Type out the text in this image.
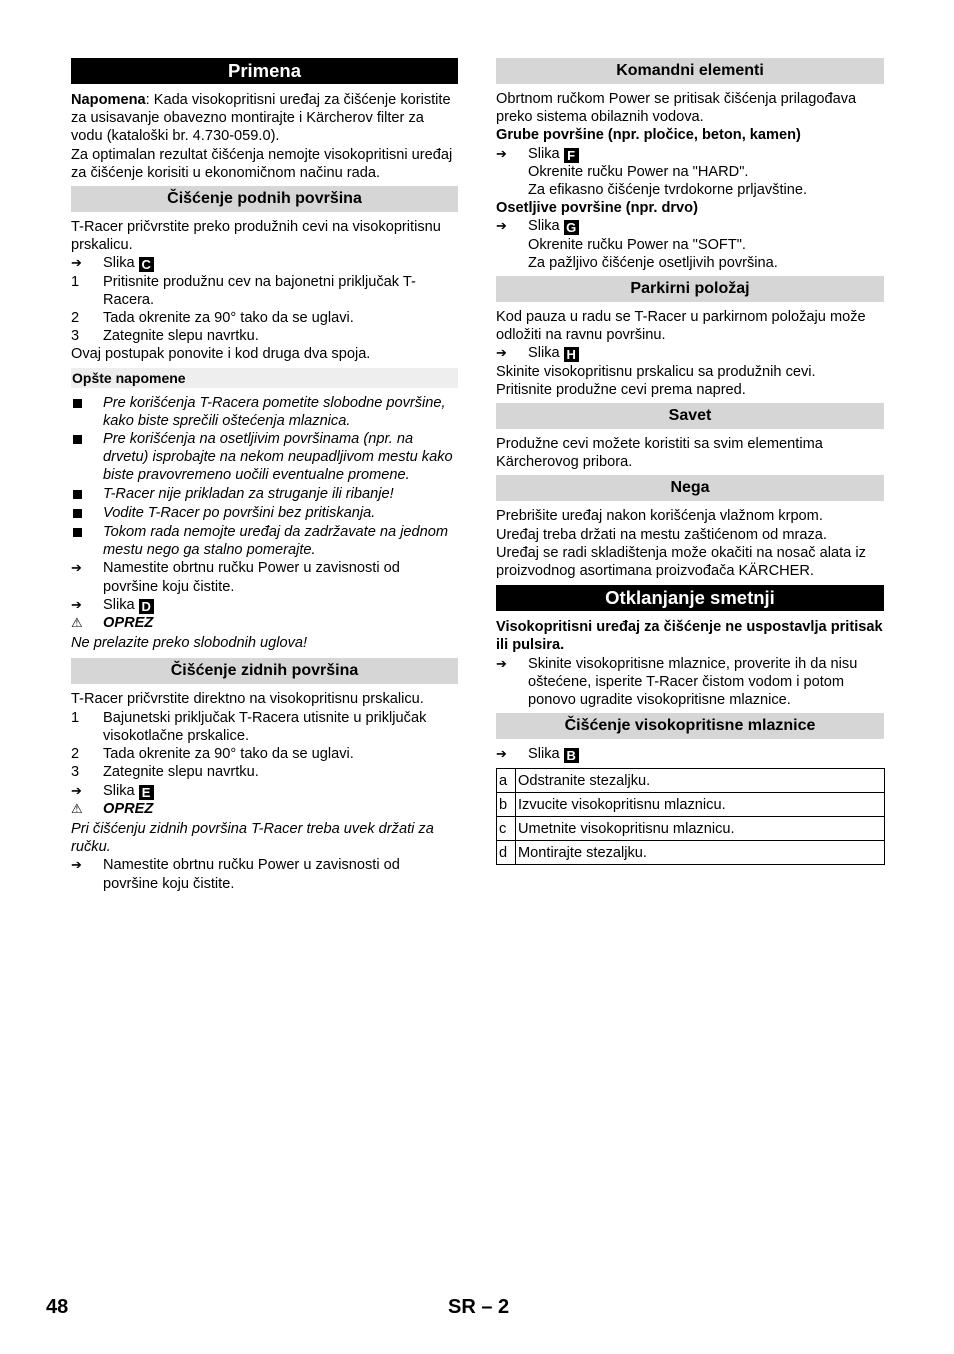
Primena

Napomena: Kada visokopritisni uređaj za čišćenje koristite za usisavanje obavezno montirajte i Kärcherov filter za vodu (kataloški br. 4.730-059.0).

Za optimalan rezultat čišćenja nemojte visokopritisni uređaj za čišćenje korisiti u ekonomičnom načinu rada.

Čišćenje podnih površina

T-Racer pričvrstite preko produžnih cevi na visokopritisnu prskalicu.

➔
Slika C
1	Pritisnite produžnu cev na bajonetni priključak T-Racera.
2	Tada okrenite za 90° tako da se uglavi.
3	Zategnite slepu navrtku.

Ovaj postupak ponovite i kod druga dva spoja.

Opšte napomene
Pre korišćenja T-Racera pometite slobodne površine, kako biste sprečili oštećenja mlaznica.
Pre korišćenja na osetljivim površinama (npr. na drvetu) isprobajte na nekom neupadljivom mestu kako biste pravovremeno uočili eventualne promene.
T-Racer nije prikladan za struganje ili ribanje!
Vodite T-Racer po površini bez pritiskanja.
Tokom rada nemojte uređaj da zadržavate na jednom mestu nego ga stalno pomerajte.
➔
Namestite obrtnu ručku Power u zavisnosti od površine koju čistite.
➔
Slika D
⚠	OPREZ

Ne prelazite preko slobodnih uglova!

Čišćenje zidnih površina

T-Racer pričvrstite direktno na visokopritisnu prskalicu.

1	Bajunetski priključak T-Racera utisnite u priključak visokotlačne prskalice.
2	Tada okrenite za 90° tako da se uglavi.
3	Zategnite slepu navrtku.
➔
Slika E
⚠	OPREZ

Pri čišćenju zidnih površina T-Racer treba uvek držati za ručku.

➔
Namestite obrtnu ručku Power u zavisnosti od površine koju čistite.
Komandni elementi

Obrtnom ručkom Power se pritisak čišćenja prilagođava preko sistema obilaznih vodova.

Grube površine (npr. pločice, beton, kamen)

➔
Slika F

Okrenite ručku Power na "HARD".

Za efikasno čišćenje tvrdokorne prljavštine.

Osetljive površine (npr. drvo)

➔
Slika G

Okrenite ručku Power na "SOFT".

Za pažljivo čišćenje osetljivih površina.

Parkirni položaj

Kod pauza u radu se T-Racer u parkirnom položaju može odložiti na ravnu površinu.

➔
Slika H

Skinite visokopritisnu prskalicu sa produžnih cevi.

Pritisnite produžne cevi prema napred.

Savet

Produžne cevi možete koristiti sa svim elementima Kärcherovog pribora.

Nega

Prebrišite uređaj nakon korišćenja vlažnom krpom.

Uređaj treba držati na mestu zaštićenom od mraza.

Uređaj se radi skladištenja može okačiti na nosač alata iz proizvodnog asortimana proizvođača KÄRCHER.

Otklanjanje smetnji

Visokopritisni uređaj za čišćenje ne uspostavlja pritisak ili pulsira.

➔
Skinite visokopritisne mlaznice, proverite ih da nisu oštećene, isperite T-Racer čistom vodom i potom ponovo ugradite visokopritisne mlaznice.
Čišćenje visokopritisne mlaznice
➔
Slika B
a	Odstranite stezaljku.
b	Izvucite visokopritisnu mlaznicu.
c	Umetnite visokopritisnu mlaznicu.
d	Montirajte stezaljku.
48	SR – 2
